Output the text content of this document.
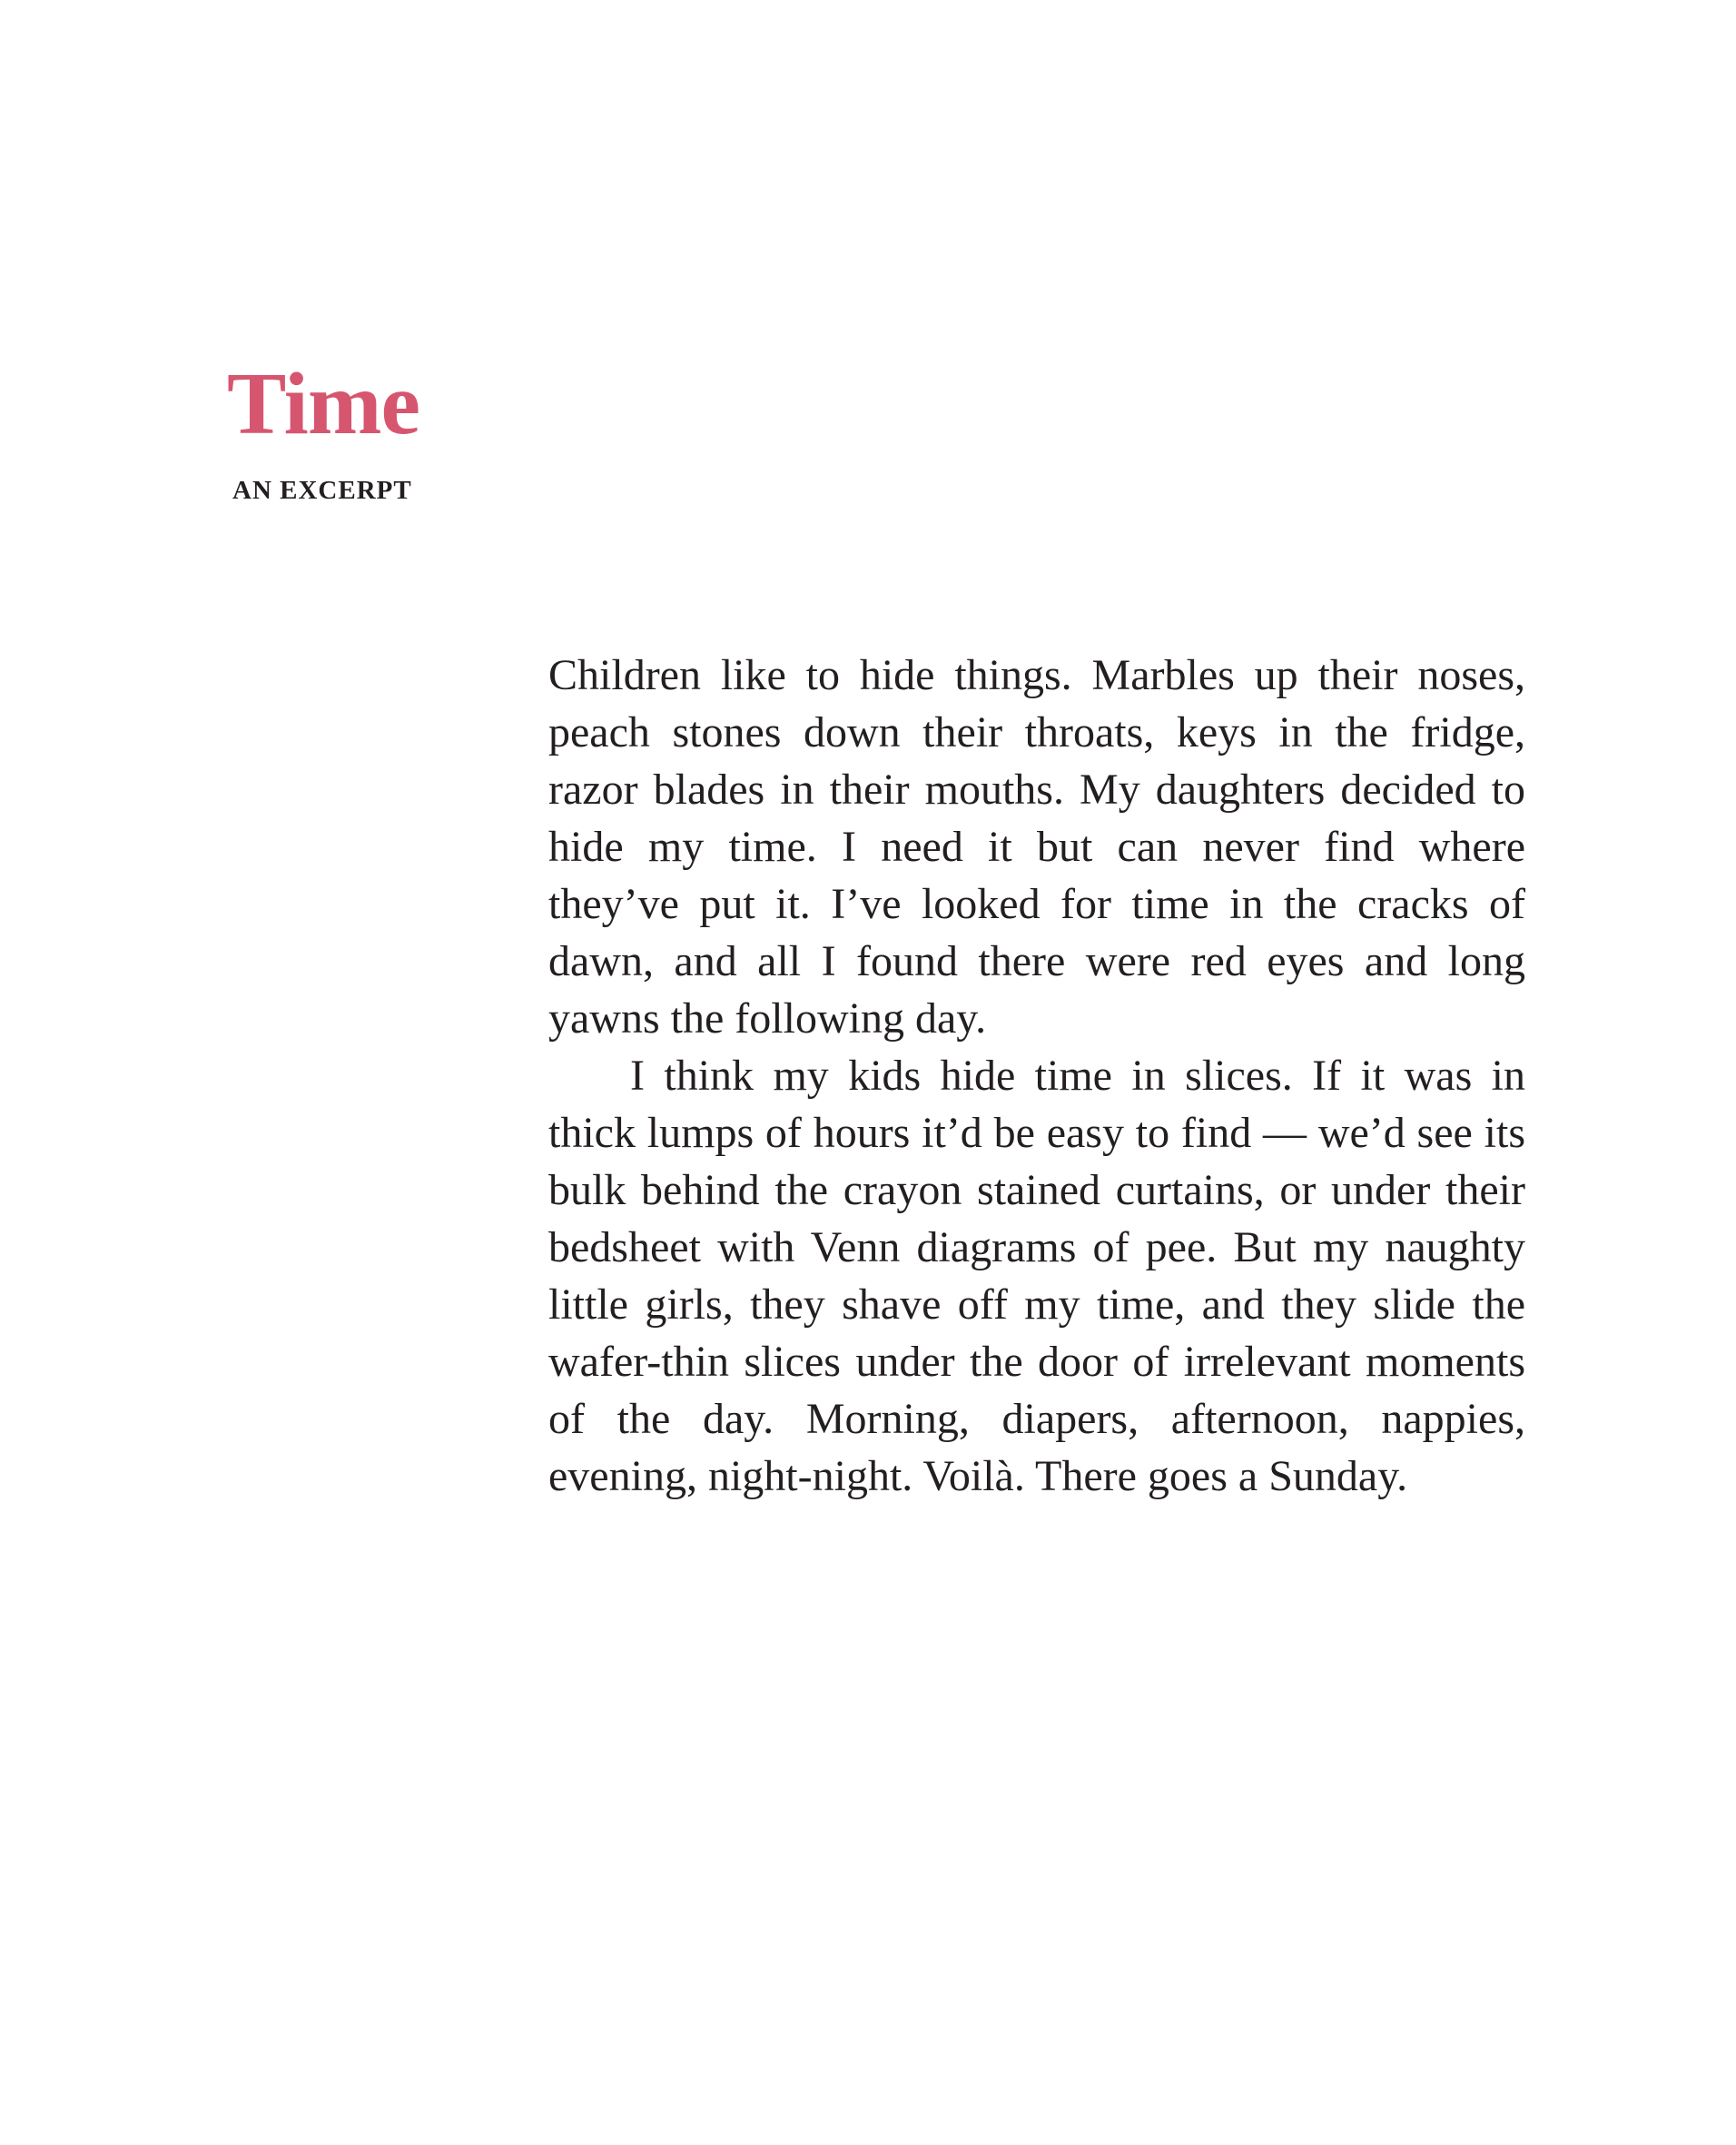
Time
AN EXCERPT

Children like to hide things. Marbles up their noses, peach stones down their throats, keys in the fridge, razor blades in their mouths. My daughters decided to hide my time. I need it but can never find where they’ve put it. I’ve looked for time in the cracks of dawn, and all I found there were red eyes and long yawns the following day.

I think my kids hide time in slices. If it was in thick lumps of hours it’d be easy to find — we’d see its bulk behind the crayon stained curtains, or under their bedsheet with Venn diagrams of pee. But my naughty little girls, they shave off my time, and they slide the wafer-thin slices under the door of irrelevant moments of the day. Morning, diapers, afternoon, nappies, evening, night-night. Voilà. There goes a Sunday.
